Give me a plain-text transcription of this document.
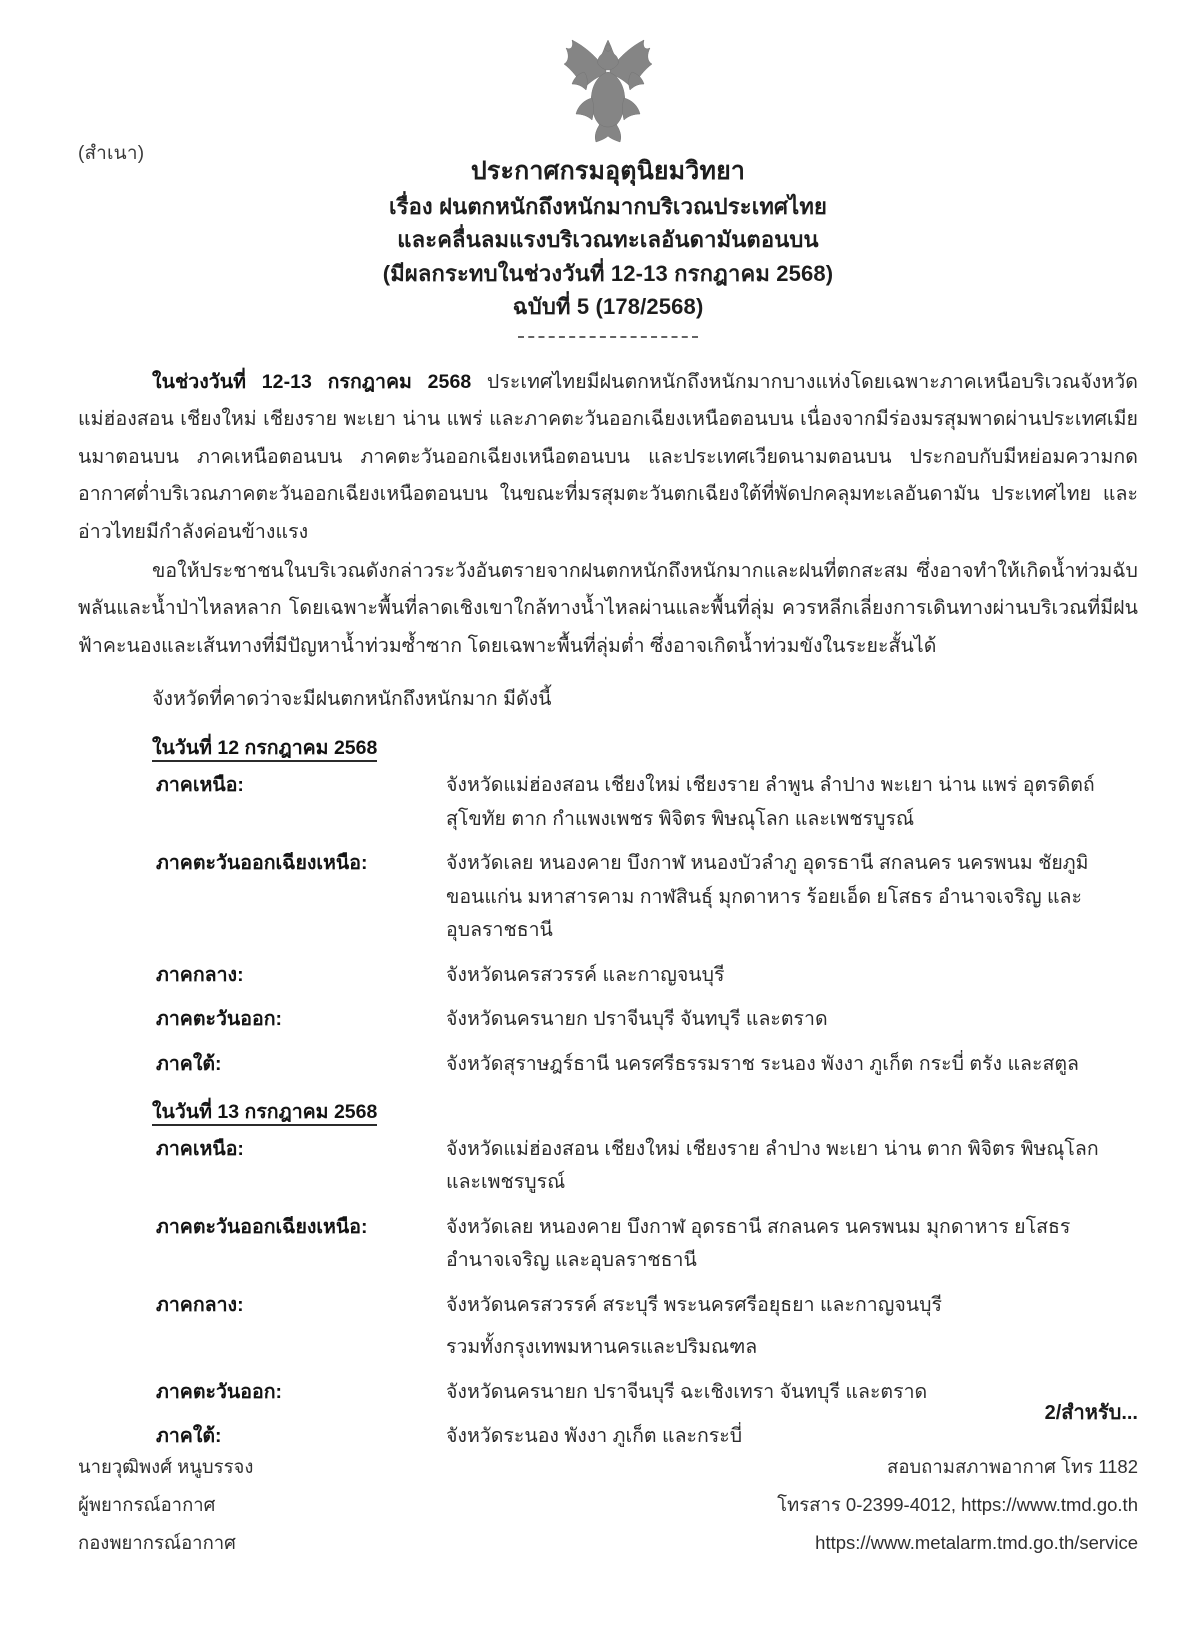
(สำเนา)
ประกาศกรมอุตุนิยมวิทยา
เรื่อง ฝนตกหนักถึงหนักมากบริเวณประเทศไทย
และคลื่นลมแรงบริเวณทะเลอันดามันตอนบน
(มีผลกระทบในช่วงวันที่ 12-13 กรกฎาคม 2568)
ฉบับที่ 5 (178/2568)

ในช่วงวันที่ 12-13 กรกฎาคม 2568 ประเทศไทยมีฝนตกหนักถึงหนักมากบางแห่งโดยเฉพาะภาคเหนือบริเวณจังหวัดแม่ฮ่องสอน เชียงใหม่ เชียงราย พะเยา น่าน แพร่ และภาคตะวันออกเฉียงเหนือตอนบน เนื่องจากมีร่องมรสุมพาดผ่านประเทศเมียนมาตอนบน ภาคเหนือตอนบน ภาคตะวันออกเฉียงเหนือตอนบน และประเทศเวียดนามตอนบน ประกอบกับมีหย่อมความกดอากาศต่ำบริเวณภาคตะวันออกเฉียงเหนือตอนบน ในขณะที่มรสุมตะวันตกเฉียงใต้ที่พัดปกคลุมทะเลอันดามัน ประเทศไทย และอ่าวไทยมีกำลังค่อนข้างแรง

ขอให้ประชาชนในบริเวณดังกล่าวระวังอันตรายจากฝนตกหนักถึงหนักมากและฝนที่ตกสะสม ซึ่งอาจทำให้เกิดน้ำท่วมฉับพลันและน้ำป่าไหลหลาก โดยเฉพาะพื้นที่ลาดเชิงเขาใกล้ทางน้ำไหลผ่านและพื้นที่ลุ่ม ควรหลีกเลี่ยงการเดินทางผ่านบริเวณที่มีฝนฟ้าคะนองและเส้นทางที่มีปัญหาน้ำท่วมซ้ำซาก โดยเฉพาะพื้นที่ลุ่มต่ำ ซึ่งอาจเกิดน้ำท่วมขังในระยะสั้นได้

จังหวัดที่คาดว่าจะมีฝนตกหนักถึงหนักมาก มีดังนี้
ในวันที่ 12 กรกฎาคม 2568
ภาคเหนือ:	จังหวัดแม่ฮ่องสอน เชียงใหม่ เชียงราย ลำพูน ลำปาง พะเยา น่าน แพร่ อุตรดิตถ์ สุโขทัย ตาก กำแพงเพชร พิจิตร พิษณุโลก และเพชรบูรณ์
ภาคตะวันออกเฉียงเหนือ:	จังหวัดเลย หนองคาย บึงกาฬ หนองบัวลำภู อุดรธานี สกลนคร นครพนม ชัยภูมิ ขอนแก่น มหาสารคาม กาฬสินธุ์ มุกดาหาร ร้อยเอ็ด ยโสธร อำนาจเจริญ และอุบลราชธานี
ภาคกลาง:	จังหวัดนครสวรรค์ และกาญจนบุรี
ภาคตะวันออก:	จังหวัดนครนายก ปราจีนบุรี จันทบุรี และตราด
ภาคใต้:	จังหวัดสุราษฎร์ธานี นครศรีธรรมราช ระนอง พังงา ภูเก็ต กระบี่ ตรัง และสตูล
ในวันที่ 13 กรกฎาคม 2568
ภาคเหนือ:	จังหวัดแม่ฮ่องสอน เชียงใหม่ เชียงราย ลำปาง พะเยา น่าน ตาก พิจิตร พิษณุโลก และเพชรบูรณ์
ภาคตะวันออกเฉียงเหนือ:	จังหวัดเลย หนองคาย บึงกาฬ อุดรธานี สกลนคร นครพนม มุกดาหาร ยโสธร อำนาจเจริญ และอุบลราชธานี
ภาคกลาง:	จังหวัดนครสวรรค์ สระบุรี พระนครศรีอยุธยา และกาญจนบุรี
รวมทั้งกรุงเทพมหานครและปริมณฑล
ภาคตะวันออก:	จังหวัดนครนายก ปราจีนบุรี ฉะเชิงเทรา จันทบุรี และตราด
ภาคใต้:	จังหวัดระนอง พังงา ภูเก็ต และกระบี่
2/สำหรับ...
นายวุฒิพงศ์ หนูบรรจง
ผู้พยากรณ์อากาศ
กองพยากรณ์อากาศ
สอบถามสภาพอากาศ โทร 1182
โทรสาร 0-2399-4012, https://www.tmd.go.th
https://www.metalarm.tmd.go.th/service
